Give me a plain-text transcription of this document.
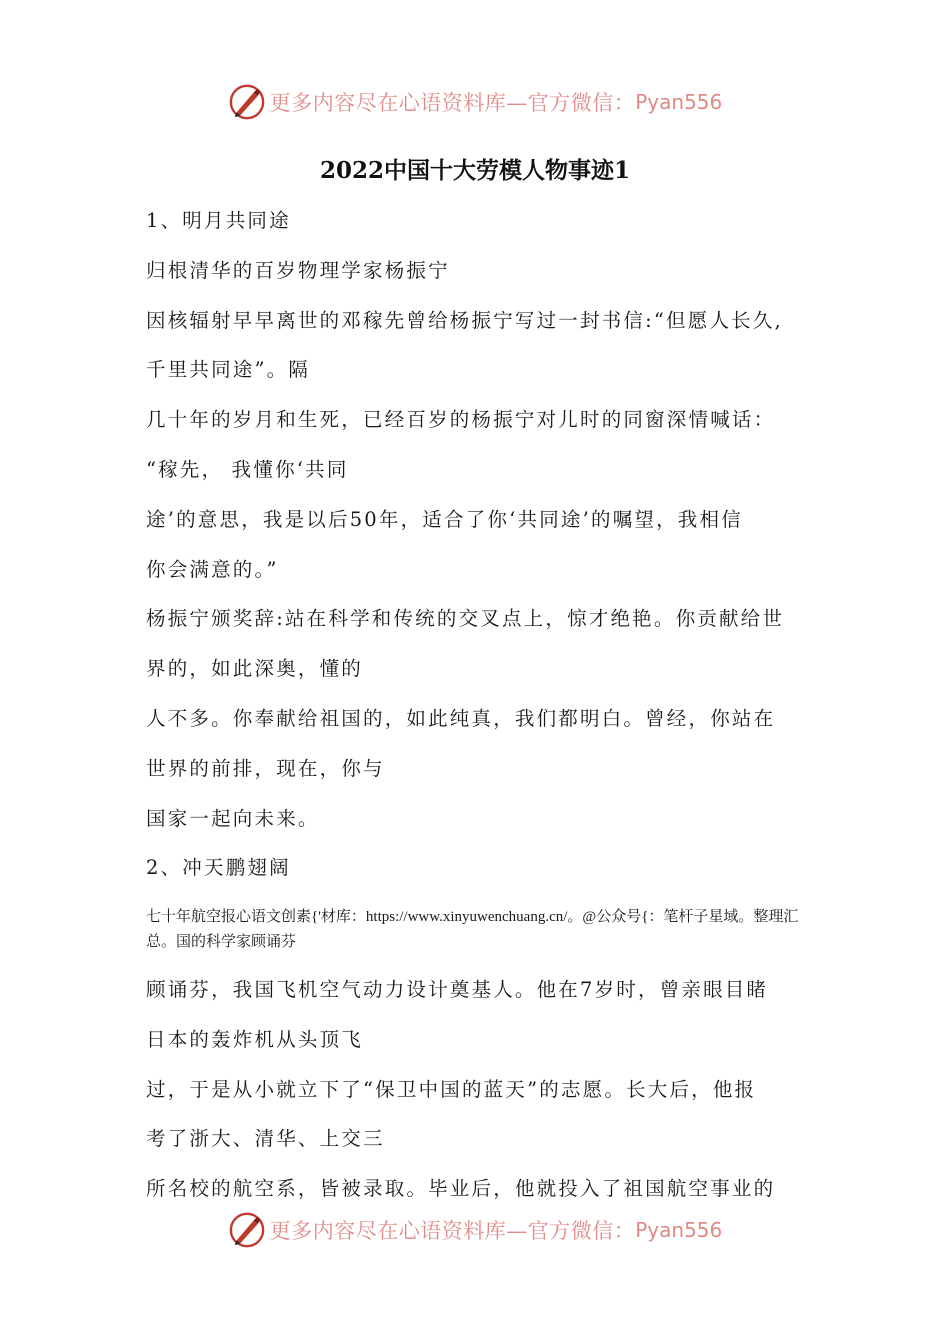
更多内容尽在心语资料库—官方微信： Pyan556
2022中国十大劳模人物事迹1
1、明月共同途
归根清华的百岁物理学家杨振宁
因核辐射早早离世的邓稼先曾给杨振宁写过一封书信:“但愿人长久,
千里共同途”。隔
几十年的岁月和生死，已经百岁的杨振宁对儿时的同窗深情喊话：
“稼先， 我懂你‘共同
途’的意思，我是以后50年，适合了你‘共同途’的嘱望，我相信
你会满意的。”
杨振宁颁奖辞:站在科学和传统的交叉点上，惊才绝艳。你贡献给世
界的，如此深奥，懂的
人不多。你奉献给祖国的，如此纯真，我们都明白。曾经，你站在
世界的前排，现在，你与
国家一起向未来。
2、冲天鹏翅阔
七十年航空报心语文创素{'材库：https://www.xinyuwenchuang.cn/。@公众号{：笔杆子星域。整理汇总。国的科学家顾诵芬
顾诵芬，我国飞机空气动力设计奠基人。他在7岁时，曾亲眼目睹
日本的轰炸机从头顶飞
过，于是从小就立下了“保卫中国的蓝天”的志愿。长大后，他报
考了浙大、清华、上交三
所名校的航空系，皆被录取。毕业后，他就投入了祖国航空事业的
更多内容尽在心语资料库—官方微信： Pyan556
